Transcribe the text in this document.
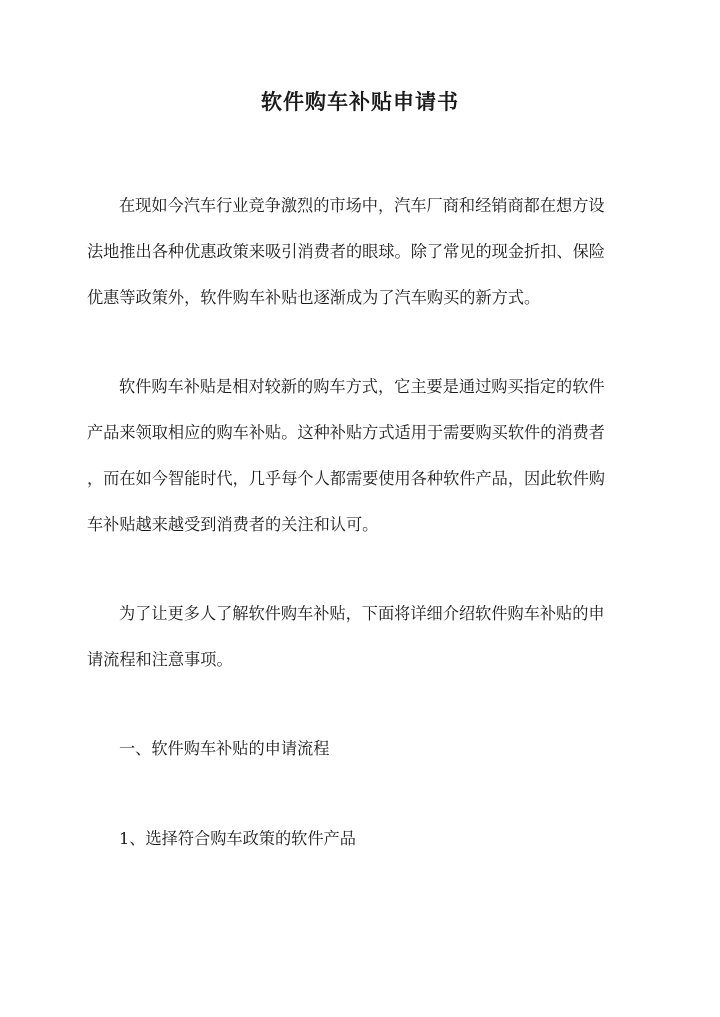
软件购车补贴申请书
在现如今汽车行业竞争激烈的市场中，汽车厂商和经销商都在想方设
法地推出各种优惠政策来吸引消费者的眼球。除了常见的现金折扣、保险
优惠等政策外，软件购车补贴也逐渐成为了汽车购买的新方式。
软件购车补贴是相对较新的购车方式，它主要是通过购买指定的软件
产品来领取相应的购车补贴。这种补贴方式适用于需要购买软件的消费者
，而在如今智能时代，几乎每个人都需要使用各种软件产品，因此软件购
车补贴越来越受到消费者的关注和认可。
为了让更多人了解软件购车补贴，下面将详细介绍软件购车补贴的申
请流程和注意事项。
一、软件购车补贴的申请流程
1、选择符合购车政策的软件产品
